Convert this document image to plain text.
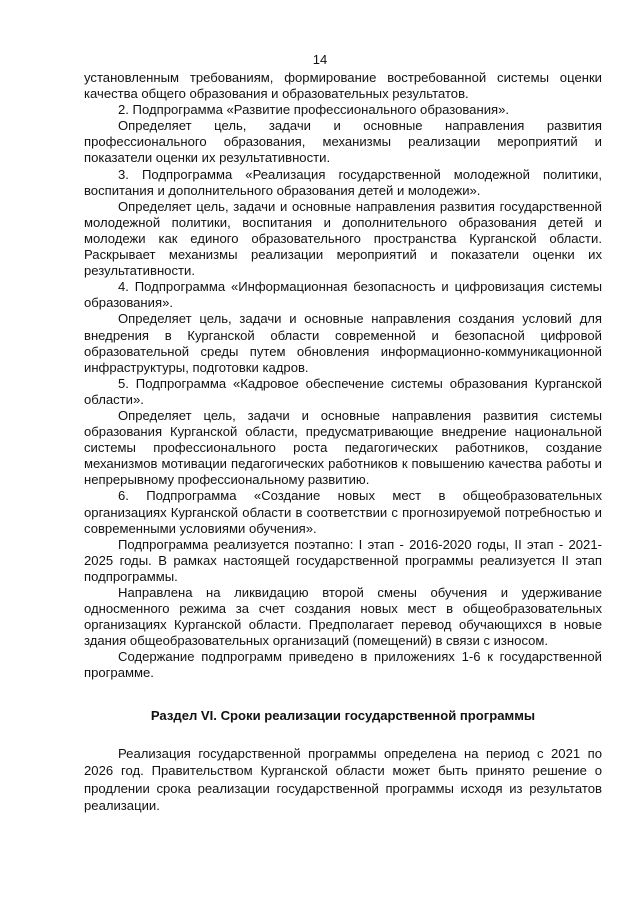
14

установленным требованиям, формирование востребованной системы оценки качества общего образования и образовательных результатов.

2. Подпрограмма «Развитие профессионального образования».

Определяет цель, задачи и основные направления развития профессионального образования, механизмы реализации мероприятий и показатели оценки их результативности.

3. Подпрограмма «Реализация государственной молодежной политики, воспитания и дополнительного образования детей и молодежи».

Определяет цель, задачи и основные направления развития государственной молодежной политики, воспитания и дополнительного образования детей и молодежи как единого образовательного пространства Курганской области. Раскрывает механизмы реализации мероприятий и показатели оценки их результативности.

4. Подпрограмма «Информационная безопасность и цифровизация системы образования».

Определяет цель, задачи и основные направления создания условий для внедрения в Курганской области современной и безопасной цифровой образовательной среды путем обновления информационно-коммуникационной инфраструктуры, подготовки кадров.

5. Подпрограмма «Кадровое обеспечение системы образования Курганской области».

Определяет цель, задачи и основные направления развития системы образования Курганской области, предусматривающие внедрение национальной системы профессионального роста педагогических работников, создание механизмов мотивации педагогических работников к повышению качества работы и непрерывному профессиональному развитию.

6. Подпрограмма «Создание новых мест в общеобразовательных организациях Курганской области в соответствии с прогнозируемой потребностью и современными условиями обучения».

Подпрограмма реализуется поэтапно: I этап - 2016-2020 годы, II этап - 2021-2025 годы. В рамках настоящей государственной программы реализуется II этап подпрограммы.

Направлена на ликвидацию второй смены обучения и удерживание односменного режима за счет создания новых мест в общеобразовательных организациях Курганской области. Предполагает перевод обучающихся в новые здания общеобразовательных организаций (помещений) в связи с износом.

Содержание подпрограмм приведено в приложениях 1-6 к государственной программе.

Раздел VI. Сроки реализации государственной программы

Реализация государственной программы определена на период с 2021 по 2026 год. Правительством Курганской области может быть принято решение о продлении срока реализации государственной программы исходя из результатов реализации.
